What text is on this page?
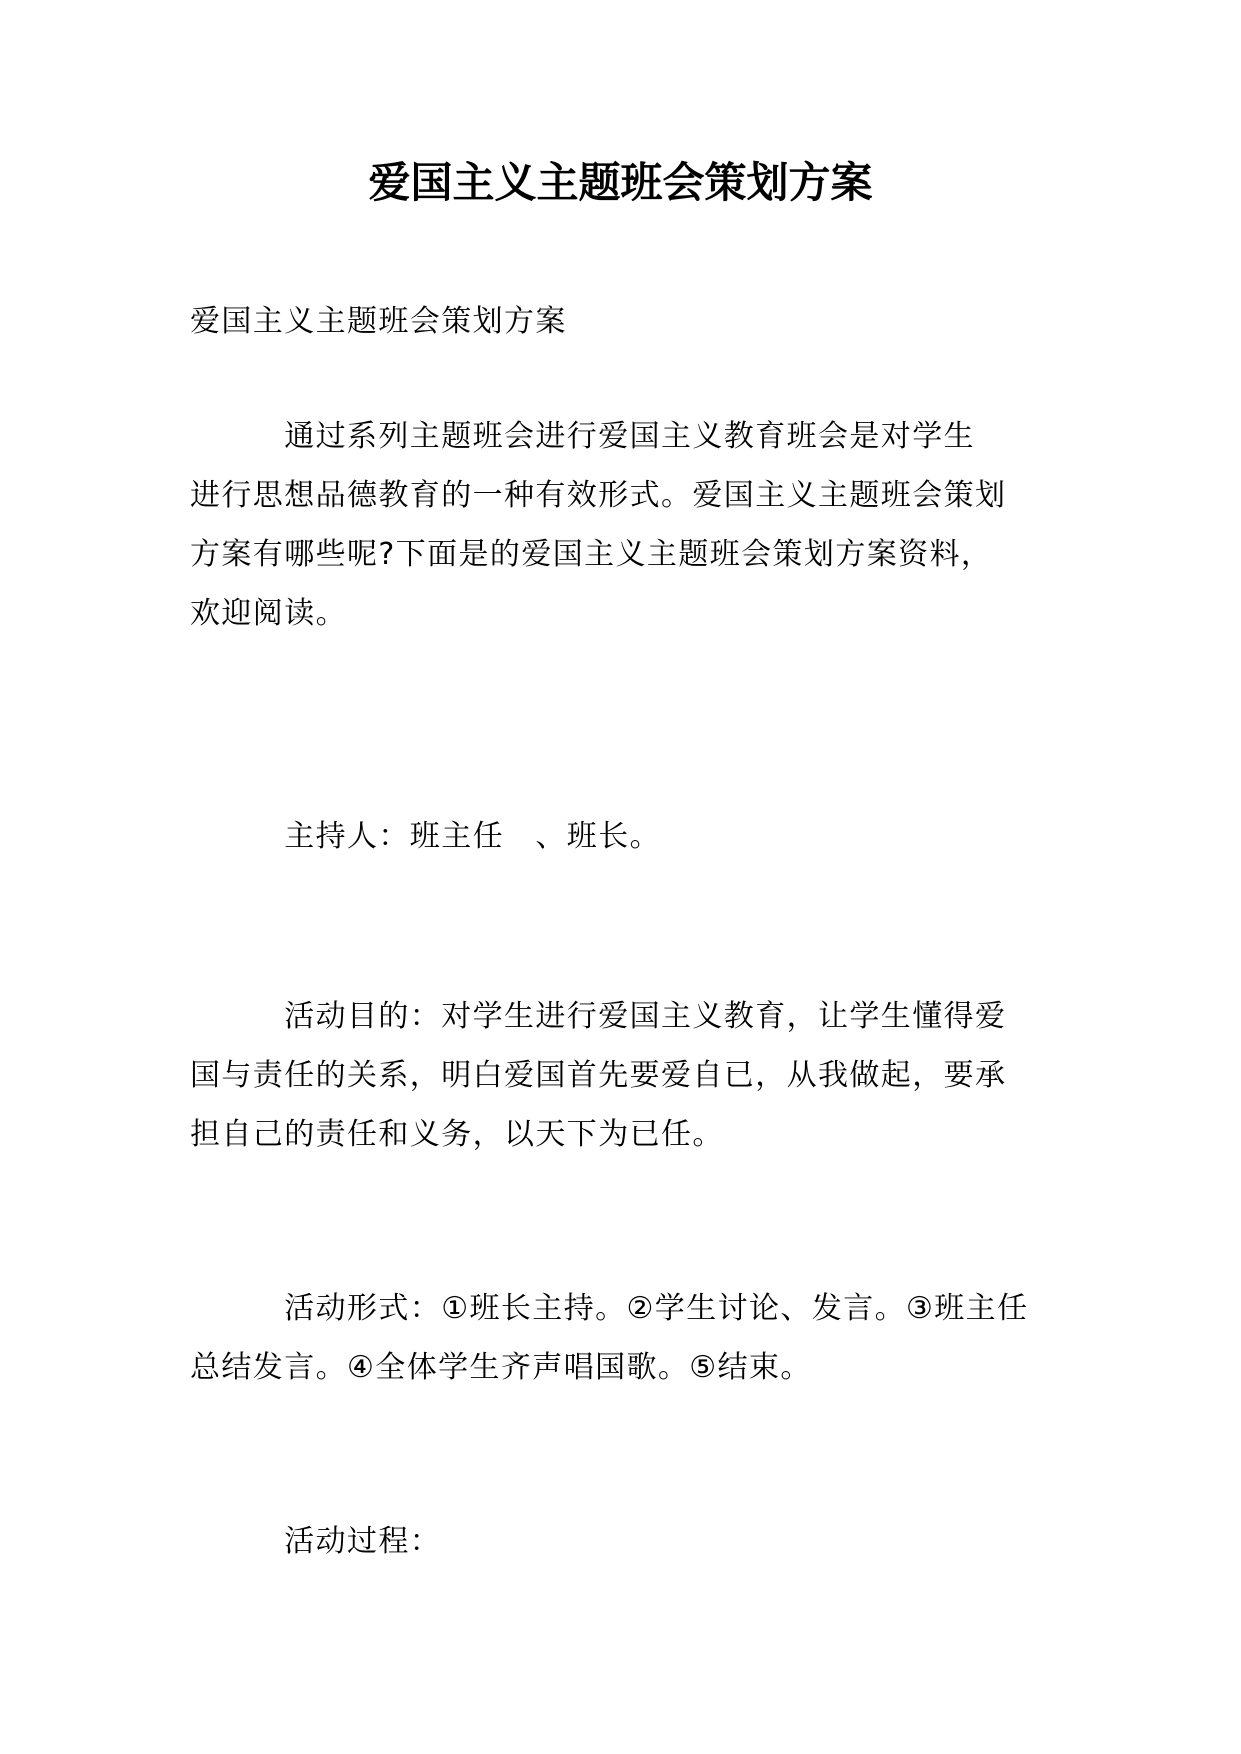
爱国主义主题班会策划方案
爱国主义主题班会策划方案
　　　通过系列主题班会进行爱国主义教育班会是对学生
进行思想品德教育的一种有效形式。爱国主义主题班会策划
方案有哪些呢?下面是的爱国主义主题班会策划方案资料，
欢迎阅读。
　　　主持人：班主任　、班长。
　　　活动目的：对学生进行爱国主义教育，让学生懂得爱
国与责任的关系，明白爱国首先要爱自已，从我做起，要承
担自己的责任和义务，以天下为已任。
　　　活动形式：①班长主持。②学生讨论、发言。③班主任
总结发言。④全体学生齐声唱国歌。⑤结束。
　　　活动过程：
